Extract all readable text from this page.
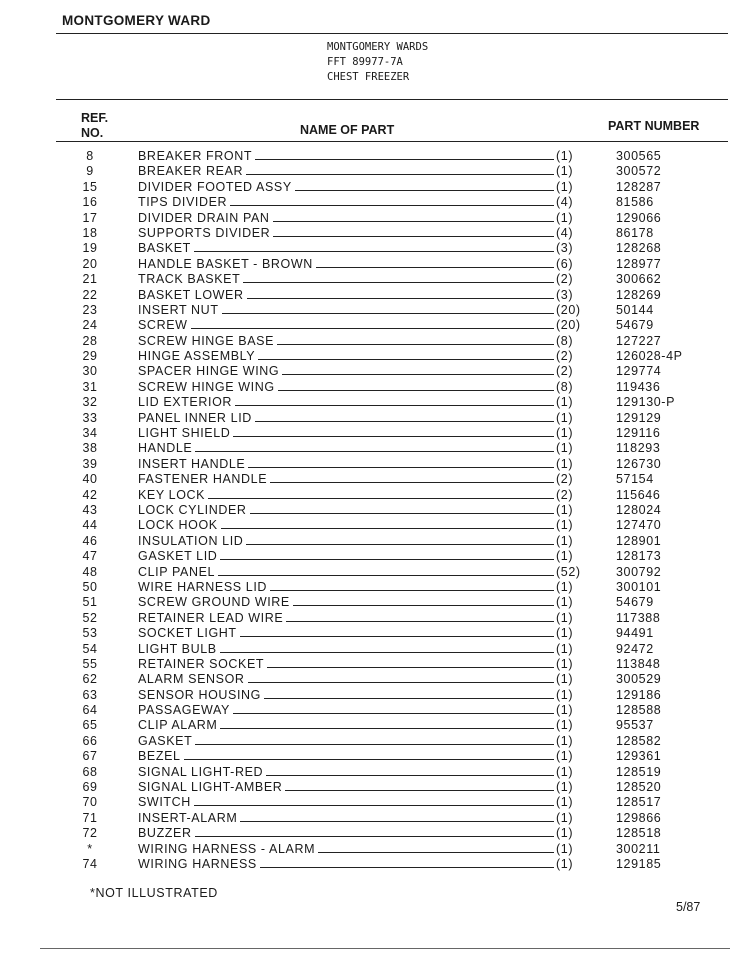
MONTGOMERY WARD
MONTGOMERY WARDS
FFT 89977-7A
CHEST FREEZER
REF.
NO.	NAME OF PART	PART NUMBER
8	BREAKER FRONT	(1)	300565
9	BREAKER REAR	(1)	300572
15	DIVIDER FOOTED ASSY	(1)	128287
16	TIPS DIVIDER	(4)	81586
17	DIVIDER DRAIN PAN	(1)	129066
18	SUPPORTS DIVIDER	(4)	86178
19	BASKET	(3)	128268
20	HANDLE BASKET - BROWN	(6)	128977
21	TRACK BASKET	(2)	300662
22	BASKET LOWER	(3)	128269
23	INSERT NUT	(20)	50144
24	SCREW	(20)	54679
28	SCREW HINGE BASE	(8)	127227
29	HINGE ASSEMBLY	(2)	126028-4P
30	SPACER HINGE WING	(2)	129774
31	SCREW HINGE WING	(8)	119436
32	LID EXTERIOR	(1)	129130-P
33	PANEL INNER LID	(1)	129129
34	LIGHT SHIELD	(1)	129116
38	HANDLE	(1)	118293
39	INSERT HANDLE	(1)	126730
40	FASTENER HANDLE	(2)	57154
42	KEY LOCK	(2)	115646
43	LOCK CYLINDER	(1)	128024
44	LOCK HOOK	(1)	127470
46	INSULATION LID	(1)	128901
47	GASKET LID	(1)	128173
48	CLIP PANEL	(52)	300792
50	WIRE HARNESS LID	(1)	300101
51	SCREW GROUND WIRE	(1)	54679
52	RETAINER LEAD WIRE	(1)	117388
53	SOCKET LIGHT	(1)	94491
54	LIGHT BULB	(1)	92472
55	RETAINER SOCKET	(1)	113848
62	ALARM SENSOR	(1)	300529
63	SENSOR HOUSING	(1)	129186
64	PASSAGEWAY	(1)	128588
65	CLIP ALARM	(1)	95537
66	GASKET	(1)	128582
67	BEZEL	(1)	129361
68	SIGNAL LIGHT-RED	(1)	128519
69	SIGNAL LIGHT-AMBER	(1)	128520
70	SWITCH	(1)	128517
71	INSERT-ALARM	(1)	129866
72	BUZZER	(1)	128518
*	WIRING HARNESS - ALARM	(1)	300211
74	WIRING HARNESS	(1)	129185
*NOT ILLUSTRATED
5/87
